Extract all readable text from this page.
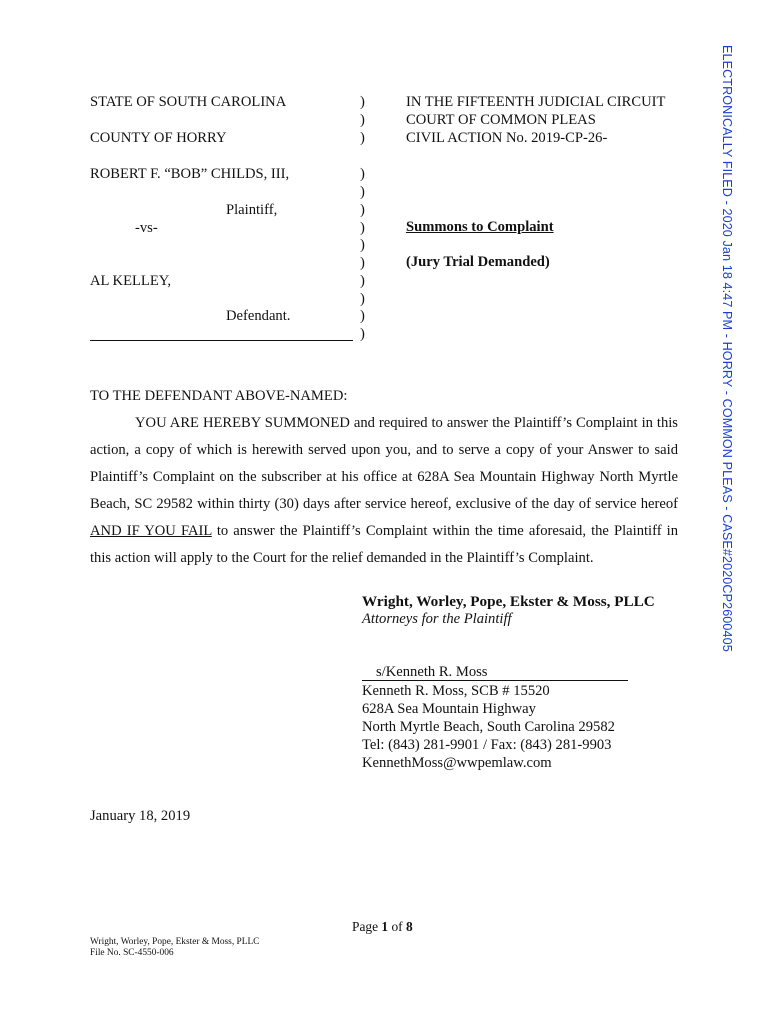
ELECTRONICALLY FILED - 2020 Jan 18 4:47 PM - HORRY - COMMON PLEAS - CASE#2020CP2600405
STATE OF SOUTH CAROLINA
COUNTY OF HORRY
ROBERT F. “BOB” CHILDS, III,
Plaintiff,
-vs-
AL KELLEY,
Defendant.
)
)
)
)
)
)
)
)
)
)
)
)
)
IN THE FIFTEENTH JUDICIAL CIRCUIT
COURT OF COMMON PLEAS
CIVIL ACTION No. 2019-CP-26-
Summons to Complaint
(Jury Trial Demanded)
TO THE DEFENDANT ABOVE-NAMED:

YOU ARE HEREBY SUMMONED and required to answer the Plaintiff’s Complaint in this action, a copy of which is herewith served upon you, and to serve a copy of your Answer to said Plaintiff’s Complaint on the subscriber at his office at 628A Sea Mountain Highway North Myrtle Beach, SC 29582 within thirty (30) days after service hereof, exclusive of the day of service hereof AND IF YOU FAIL to answer the Plaintiff’s Complaint within the time aforesaid, the Plaintiff in this action will apply to the Court for the relief demanded in the Plaintiff’s Complaint.

Wright, Worley, Pope, Ekster & Moss, PLLC
Attorneys for the Plaintiff
s/Kenneth R. Moss
Kenneth R. Moss, SCB # 15520
628A Sea Mountain Highway
North Myrtle Beach, South Carolina 29582
Tel: (843) 281-9901 / Fax: (843) 281-9903
KennethMoss@wwpemlaw.com
January 18, 2019
Page 1 of 8
Wright, Worley, Pope, Ekster & Moss, PLLC
File No. SC-4550-006
